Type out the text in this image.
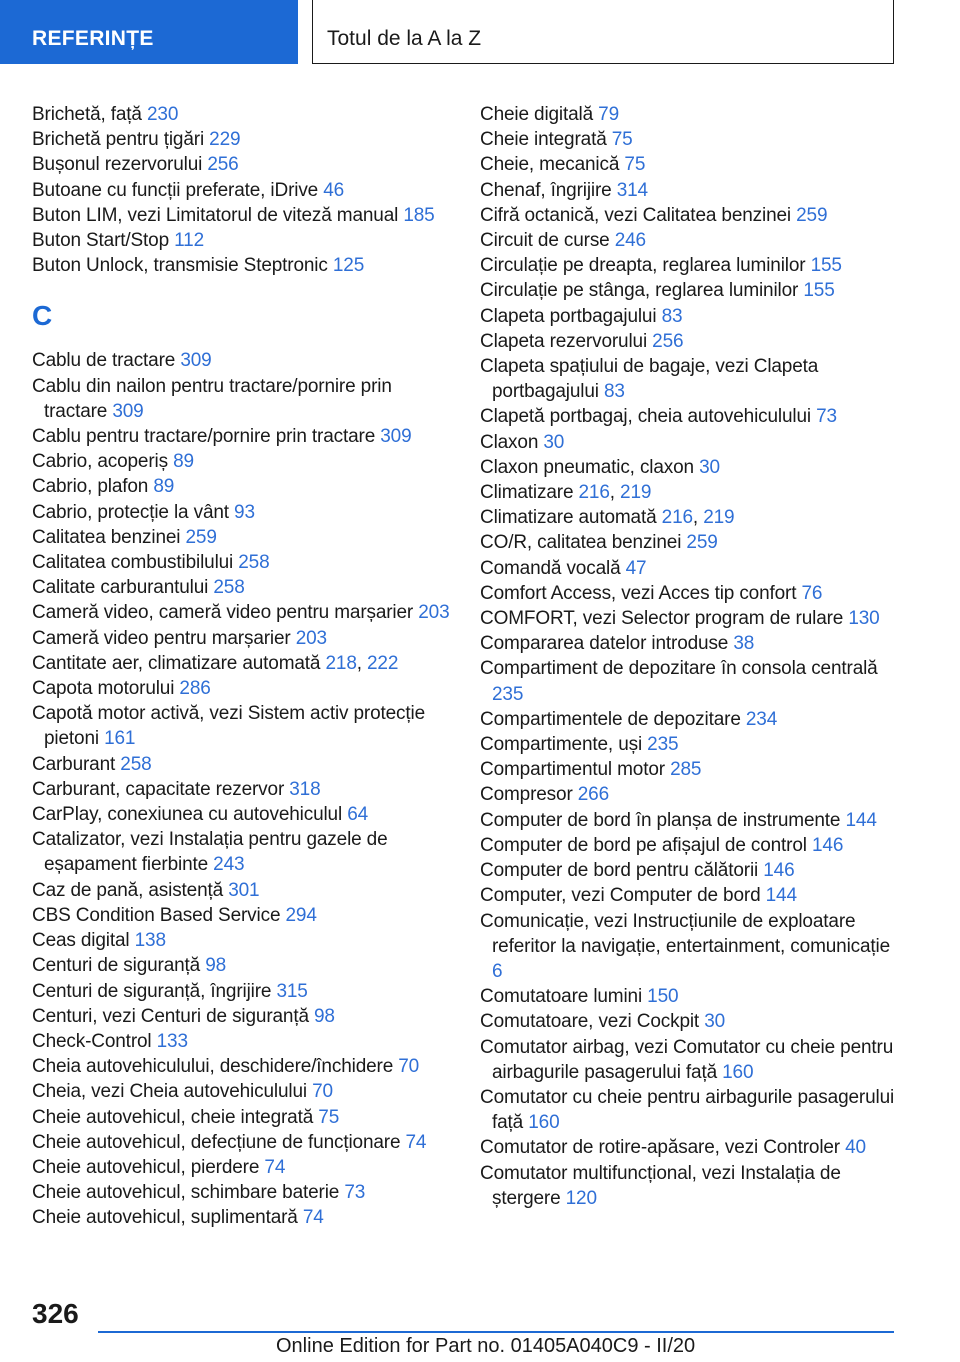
REFERINȚE	Totul de la A la Z
Brichetă, față 230
Brichetă pentru țigări 229
Bușonul rezervorului 256
Butoane cu funcții preferate, iDrive 46
Buton LIM, vezi Limitatorul de viteză manual 185
Buton Start/Stop 112
Buton Unlock, transmisie Steptronic 125
C
Cablu de tractare 309
Cablu din nailon pentru tractare/pornire prin tractare 309
Cablu pentru tractare/pornire prin tractare 309
Cabrio, acoperiș 89
Cabrio, plafon 89
Cabrio, protecție la vânt 93
Calitatea benzinei 259
Calitatea combustibilului 258
Calitate carburantului 258
Cameră video, cameră video pentru marșarier 203
Cameră video pentru marșarier 203
Cantitate aer, climatizare automată 218, 222
Capota motorului 286
Capotă motor activă, vezi Sistem activ protecție pietoni 161
Carburant 258
Carburant, capacitate rezervor 318
CarPlay, conexiunea cu autovehiculul 64
Catalizator, vezi Instalația pentru gazele de eșapament fierbinte 243
Caz de pană, asistență 301
CBS Condition Based Service 294
Ceas digital 138
Centuri de siguranță 98
Centuri de siguranță, îngrijire 315
Centuri, vezi Centuri de siguranță 98
Check-Control 133
Cheia autovehiculului, deschidere/închidere 70
Cheia, vezi Cheia autovehiculului 70
Cheie autovehicul, cheie integrată 75
Cheie autovehicul, defecțiune de funcționare 74
Cheie autovehicul, pierdere 74
Cheie autovehicul, schimbare baterie 73
Cheie autovehicul, suplimentară 74
Cheie digitală 79
Cheie integrată 75
Cheie, mecanică 75
Chenaf, îngrijire 314
Cifră octanică, vezi Calitatea benzinei 259
Circuit de curse 246
Circulație pe dreapta, reglarea luminilor 155
Circulație pe stânga, reglarea luminilor 155
Clapeta portbagajului 83
Clapeta rezervorului 256
Clapeta spațiului de bagaje, vezi Clapeta portbagajului 83
Clapetă portbagaj, cheia autovehiculului 73
Claxon 30
Claxon pneumatic, claxon 30
Climatizare 216, 219
Climatizare automată 216, 219
CO/R, calitatea benzinei 259
Comandă vocală 47
Comfort Access, vezi Acces tip confort 76
COMFORT, vezi Selector program de rulare 130
Compararea datelor introduse 38
Compartiment de depozitare în consola centrală 235
Compartimentele de depozitare 234
Compartimente, uși 235
Compartimentul motor 285
Compresor 266
Computer de bord în planșa de instrumente 144
Computer de bord pe afișajul de control 146
Computer de bord pentru călătorii 146
Computer, vezi Computer de bord 144
Comunicație, vezi Instrucțiunile de exploatare referitor la navigație, entertainment, comunicație 6
Comutatoare lumini 150
Comutatoare, vezi Cockpit 30
Comutator airbag, vezi Comutator cu cheie pentru airbagurile pasagerului față 160
Comutator cu cheie pentru airbagurile pasagerului față 160
Comutator de rotire-apăsare, vezi Controler 40
Comutator multifuncțional, vezi Instalația de ștergere 120
326
Online Edition for Part no. 01405A040C9 - II/20
